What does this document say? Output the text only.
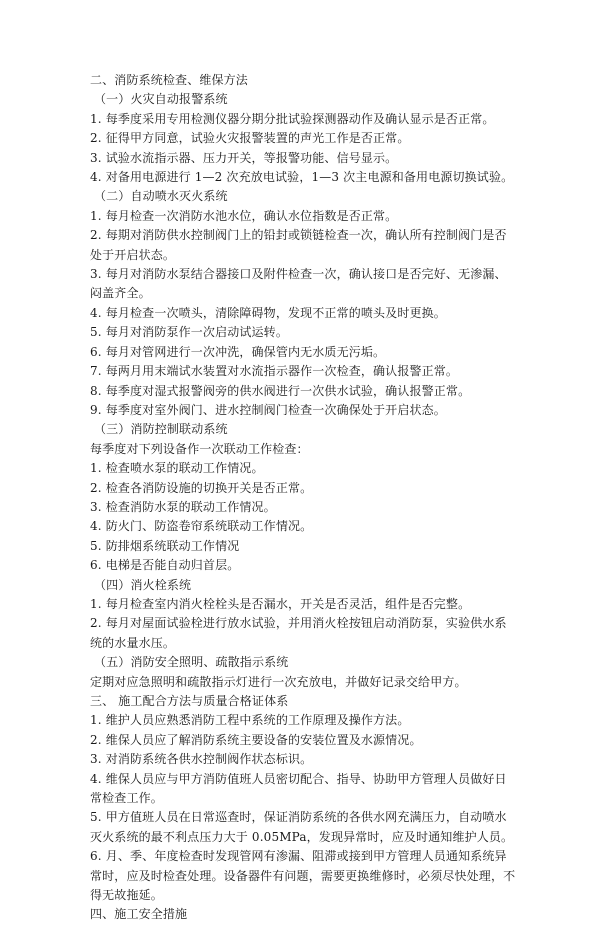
二、消防系统检查、维保方法
（一）火灾自动报警系统
1. 每季度采用专用检测仪器分期分批试验探测器动作及确认显示是否正常。
2. 征得甲方同意，试验火灾报警装置的声光工作是否正常。
3. 试验水流指示器、压力开关，等报警功能、信号显示。
4. 对备用电源进行 1—2 次充放电试验，1—3 次主电源和备用电源切换试验。
（二）自动喷水灭火系统
1. 每月检查一次消防水池水位，确认水位指数是否正常。
2. 每期对消防供水控制阀门上的铅封或锁链检查一次，确认所有控制阀门是否
处于开启状态。
3. 每月对消防水泵结合器接口及附件检查一次，确认接口是否完好、无渗漏、
闷盖齐全。
4. 每月检查一次喷头，清除障碍物，发现不正常的喷头及时更换。
5. 每月对消防泵作一次启动试运转。
6. 每月对管网进行一次冲洗，确保管内无水质无污垢。
7. 每两月用末端试水装置对水流指示器作一次检查，确认报警正常。
8. 每季度对湿式报警阀旁的供水阀进行一次供水试验，确认报警正常。
9. 每季度对室外阀门、进水控制阀门检查一次确保处于开启状态。
（三）消防控制联动系统
每季度对下列设备作一次联动工作检查：
1. 检查喷水泵的联动工作情况。
2. 检查各消防设施的切换开关是否正常。
3. 检查消防水泵的联动工作情况。
4. 防火门、防盗卷帘系统联动工作情况。
5. 防排烟系统联动工作情况
6. 电梯是否能自动归首层。
（四）消火栓系统
1. 每月检查室内消火栓栓头是否漏水，开关是否灵活，组件是否完整。
2. 每月对屋面试验栓进行放水试验，并用消火栓按钮启动消防泵，实验供水系
统的水量水压。
（五）消防安全照明、疏散指示系统
定期对应急照明和疏散指示灯进行一次充放电，并做好记录交给甲方。
三、 施工配合方法与质量合格证体系
1. 维护人员应熟悉消防工程中系统的工作原理及操作方法。
2. 维保人员应了解消防系统主要设备的安装位置及水源情况。
3. 对消防系统各供水控制阀作状态标识。
4. 维保人员应与甲方消防值班人员密切配合、指导、协助甲方管理人员做好日
常检查工作。
5. 甲方值班人员在日常巡查时，保证消防系统的各供水网充满压力，自动喷水
灭火系统的最不利点压力大于 0.05MPa，发现异常时，应及时通知维护人员。
6. 月、季、年度检查时发现管网有渗漏、阻滞或接到甲方管理人员通知系统异
常时，应及时检查处理。设备器件有问题，需要更换维修时，必须尽快处理，不
得无故拖延。
四、施工安全措施
